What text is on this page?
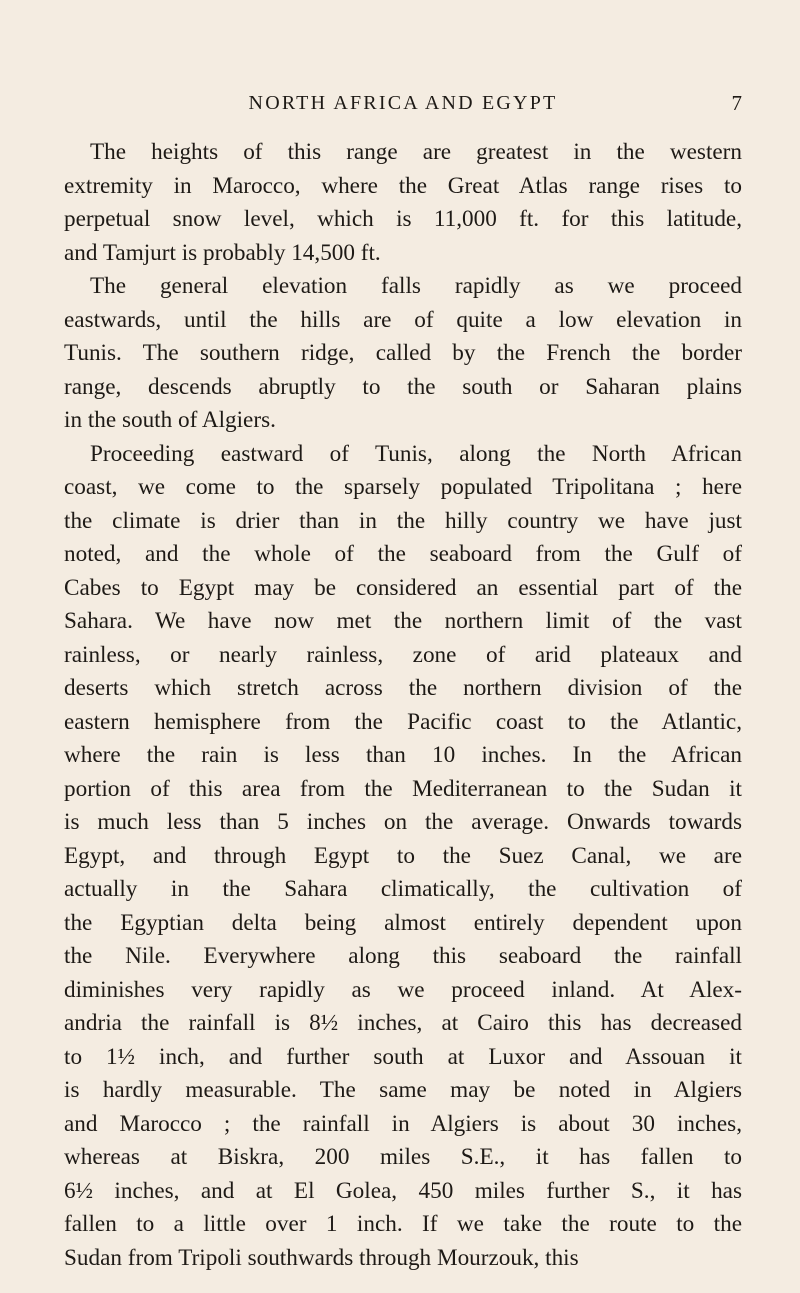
NORTH AFRICA AND EGYPT	7
The heights of this range are greatest in the western
extremity in Marocco, where the Great Atlas range rises to
perpetual snow level, which is 11,000 ft. for this latitude,
and Tamjurt is probably 14,500 ft.
The general elevation falls rapidly as we proceed
eastwards, until the hills are of quite a low elevation in
Tunis. The southern ridge, called by the French the border
range, descends abruptly to the south or Saharan plains
in the south of Algiers.
Proceeding eastward of Tunis, along the North African
coast, we come to the sparsely populated Tripolitana ; here
the climate is drier than in the hilly country we have just
noted, and the whole of the seaboard from the Gulf of
Cabes to Egypt may be considered an essential part of the
Sahara. We have now met the northern limit of the vast
rainless, or nearly rainless, zone of arid plateaux and
deserts which stretch across the northern division of the
eastern hemisphere from the Pacific coast to the Atlantic,
where the rain is less than 10 inches. In the African
portion of this area from the Mediterranean to the Sudan it
is much less than 5 inches on the average. Onwards towards
Egypt, and through Egypt to the Suez Canal, we are
actually in the Sahara climatically, the cultivation of
the Egyptian delta being almost entirely dependent upon
the Nile. Everywhere along this seaboard the rainfall
diminishes very rapidly as we proceed inland. At Alex-
andria the rainfall is 8½ inches, at Cairo this has decreased
to 1½ inch, and further south at Luxor and Assouan it
is hardly measurable. The same may be noted in Algiers
and Marocco ; the rainfall in Algiers is about 30 inches,
whereas at Biskra, 200 miles S.E., it has fallen to
6½ inches, and at El Golea, 450 miles further S., it has
fallen to a little over 1 inch. If we take the route to the
Sudan from Tripoli southwards through Mourzouk, this
